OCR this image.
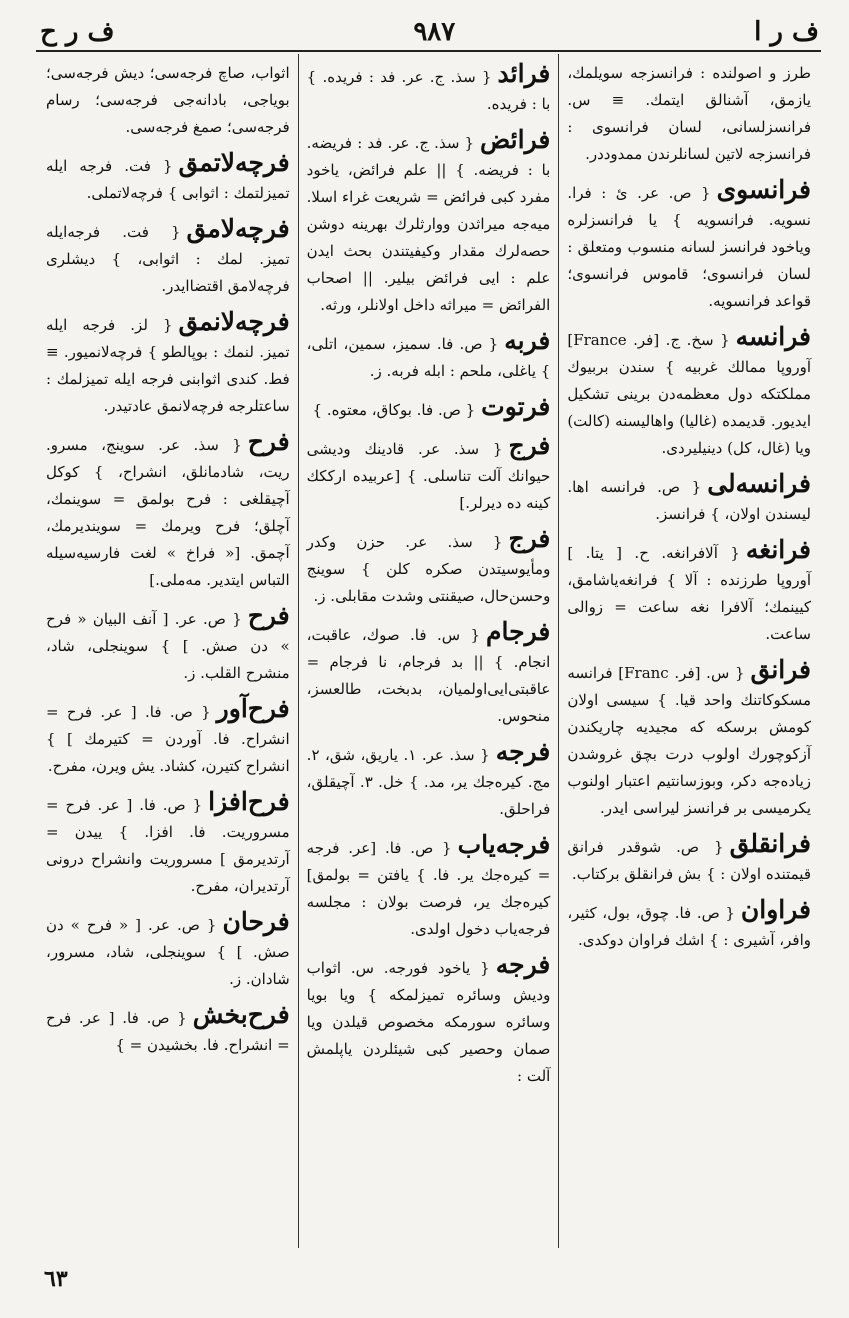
ف ر ا
٩٨٧
ف ر ح

طرز و اصولنده : فرانسزجه سویلمك، یازمق، آشنالق ایتمك. ≡ س. فرانسزلسانی، لسان فرانسوی : فرانسزجه لاتین لسانلرندن ممدوددر.

فرانسوی{ ص. عر. ئ : فرا. نسویه. فرانسویه } یا فرانسزلره ویاخود فرانسز لسانه منسوب ومتعلق : لسان فرانسوی؛ قاموس فرانسوی؛ قواعد فرانسویه.

فرانسه{ سخ. ج. [فر. France] آوروپا ممالك غربیه } سندن بربیوك مملکتکه دول معظمه‌دن برینی تشکیل ایدیور. قدیمده (غاليا) واهالیسنه (کالت) ویا (غال، کل) دینیلیردی.

فرانسه‌لی{ ص. فرانسه اها. لیسندن اولان، } فرانسز.

فرانغه{ آلافرانغه. ح. [ یتا. ] آوروپا طرزنده : آلا } فرانغه‌یاشامق، کیینمك؛ آلافرا نغه ساعت = زوالی ساعت.

فرانق{ س. [فر. Franc] فرانسه مسکوکاتنك واحد قیا. } سیسی اولان کومش برسکه که مجیدیه چاریکندن آزکوچورك اولوب درت بچق غروشدن زیاده‌جه دکر، وبوزسانتیم اعتبار اولنوب یکرمیسی بر فرانسز لیراسی ایدر.

فرانقلق{ ص. شوقدر فرانق قیمتنده اولان : } بش فرانقلق برکتاب.

فراوان{ ص. فا. چوق، بول، کثیر، وافر، آشیری : } اشك فراوان دوکدی.

فرائد{ سذ. ج. عر. فد : فریده. } با : فریده.

فرائض{ سذ. ج. عر. فد : فریضه. با : فریضه. } || علم فرائض، یاخود مفرد کبی فرائض = شریعت غراء اسلا. میه‌جه میراثدن ووارثلرك بهرینه دوشن حصه‌لرك مقدار وکیفیتندن بحث ایدن علم : ایی فرائض بیلیر. || اصحاب الفرائض = میراثه داخل اولانلر، ورثه.

فربه{ ص. فا. سمیز، سمین، اتلی، } یاغلی، ملحم : ابله فربه. ز.

فرتوت{ ص. فا. بوکاق، معتوه. }

فرج{ سذ. عر. قادینك ودیشی حیوانك آلت تناسلی. } [عربیده ارککك کینه ده دیرلر.]

فرج{ سذ. عر. حزن وکدر ومأیوسیتدن صکره کلن } سوینج وحسن‌حال، صیقنتی وشدت مقابلی. ز.

فرجام{ س. فا. صوك، عاقبت، انجام. } || بد فرجام، نا فرجام = عاقبتی‌ایی‌اولمیان، بدبخت، طالعسز، منحوس.

فرجه{ سذ. عر. ١. یاریق، شق، ٢. مج. کیره‌جك یر، مد. } خل. ٣. آچیقلق، فراحلق.

فرجه‌یاب{ ص. فا. [عر. فرجه = کیره‌جك یر. فا. } یافتن = بولمق] کیره‌جك یر، فرصت بولان : مجلسه فرجه‌یاب دخول اولدی.

فرجه{ یاخود فورجه. س. اثواب ودیش وسائره تمیزلمکه } ویا بویا وسائره سورمکه مخصوص قیلدن ویا صمان وحصیر کبی شیئلردن یاپلمش آلت :

اثواب، صاچ فرجه‌سی؛ دیش فرجه‌سی؛ بویاجی، بادانه‌جی فرجه‌سی؛ رسام فرجه‌سی؛ صمغ فرجه‌سی.

فرچه‌لاتمق{ فت. فرجه ایله تمیزلتمك : اثوابی } فرچه‌لاتملی.

فرچه‌لامق{ فت. فرجه‌ایله تمیز. لمك : اثوابی، } دیشلری فرچه‌لامق اقتضاایدر.

فرچه‌لانمق{ لز. فرجه ایله تمیز. لنمك : بوپالطو } فرچه‌لانمیور. ≡ فط. کندی اثوابنی فرجه ایله تمیزلمك : ساعتلرجه فرچه‌لانمق عادتیدر.

فرح{ سذ. عر. سوینج، مسرو. ریت، شادمانلق، انشراح، } کوکل آچیقلغی : فرح بولمق = سوینمك، آچلق؛ فرح ویرمك = سویندیرمك، آچمق. [« فراخ » لغت فارسیه‌سیله التباس ایتدیر. مه‌ملی.]

فرح{ ص. عر. [ آنف البیان « فرح » دن صش. ] } سوینجلی، شاد، منشرح القلب. ز.

فرح‌آور{ ص. فا. [ عر. فرح = انشراح. فا. آوردن = کتیرمك ] } انشراح کتیرن، کشاد. یش ویرن، مفرح.

فرح‌افزا{ ص. فا. [ عر. فرح = مسروریت. فا. افزا. } ییدن = آرتدیرمق ] مسروریت وانشراح درونی آرتدیران، مفرح.

فرحان{ ص. عر. [ « فرح » دن صش. ] } سوینجلی، شاد، مسرور، شادان. ز.

فرح‌بخش{ ص. فا. [ عر. فرح = انشراح. فا. بخشیدن = }

٦٣
